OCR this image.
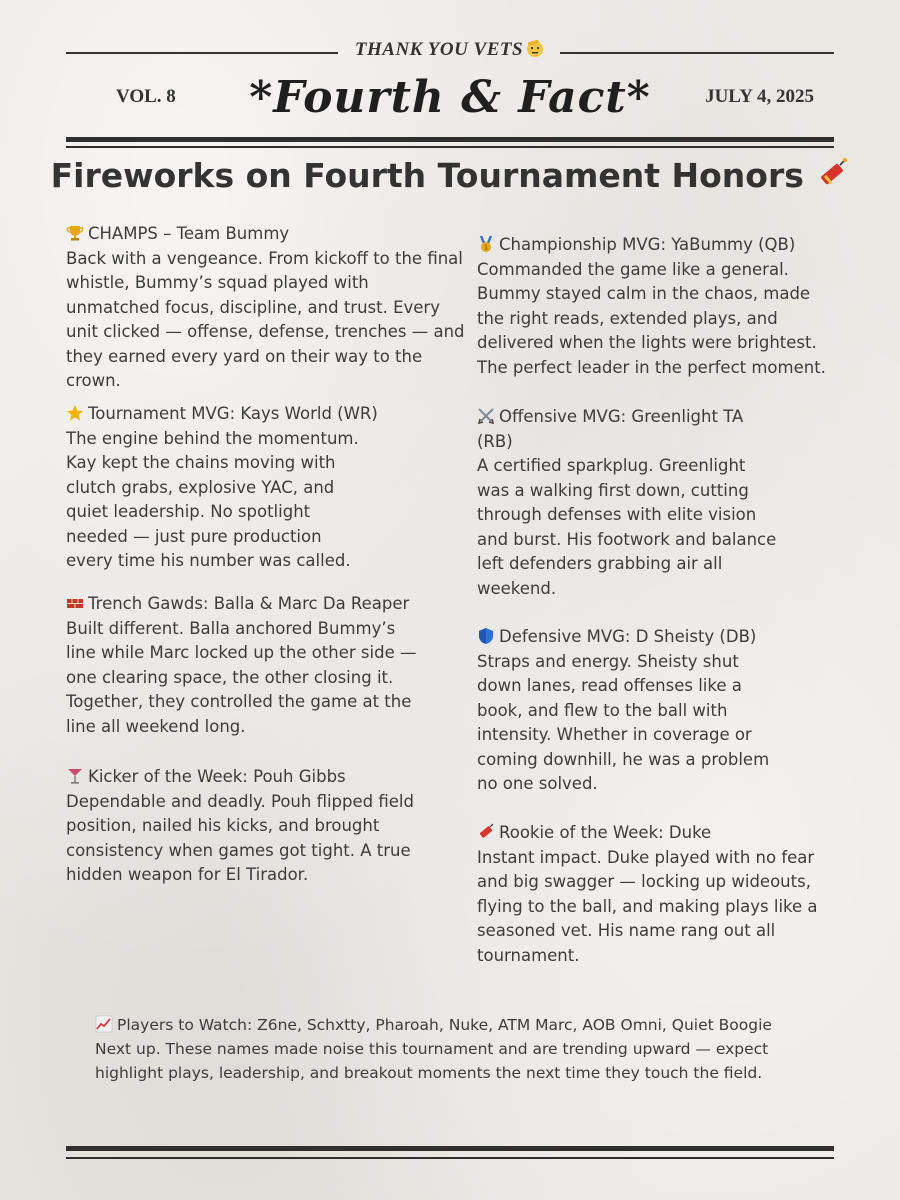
THANK YOU VETS
VOL. 8	*Fourth & Fact*	JULY 4, 2025
Fireworks on Fourth Tournament Honors

CHAMPS – Team Bummy

Back with a vengeance. From kickoff to the final whistle, Bummy’s squad played with unmatched focus, discipline, and trust. Every unit clicked — offense, defense, trenches — and they earned every yard on their way to the crown.

Tournament MVG: Kays World (WR)

The engine behind the momentum. Kay kept the chains moving with clutch grabs, explosive YAC, and quiet leadership. No spotlight needed — just pure production every time his number was called.

Trench Gawds: Balla & Marc Da Reaper

Built different. Balla anchored Bummy’s line while Marc locked up the other side — one clearing space, the other closing it. Together, they controlled the game at the line all weekend long.

Kicker of the Week: Pouh Gibbs

Dependable and deadly. Pouh flipped field position, nailed his kicks, and brought consistency when games got tight. A true hidden weapon for El Tirador.

1 Championship MVG: YaBummy (QB)

Commanded the game like a general. Bummy stayed calm in the chaos, made the right reads, extended plays, and delivered when the lights were brightest. The perfect leader in the perfect moment.

Offensive MVG: Greenlight TA (RB)

A certified sparkplug. Greenlight was a walking first down, cutting through defenses with elite vision and burst. His footwork and balance left defenders grabbing air all weekend.

Defensive MVG: D Sheisty (DB)

Straps and energy. Sheisty shut down lanes, read offenses like a book, and flew to the ball with intensity. Whether in coverage or coming downhill, he was a problem no one solved.

Rookie of the Week: Duke

Instant impact. Duke played with no fear and big swagger — locking up wideouts, flying to the ball, and making plays like a seasoned vet. His name rang out all tournament.

Players to Watch: Z6ne, Schxtty, Pharoah, Nuke, ATM Marc, AOB Omni, Quiet Boogie

Next up. These names made noise this tournament and are trending upward — expect highlight plays, leadership, and breakout moments the next time they touch the field.
